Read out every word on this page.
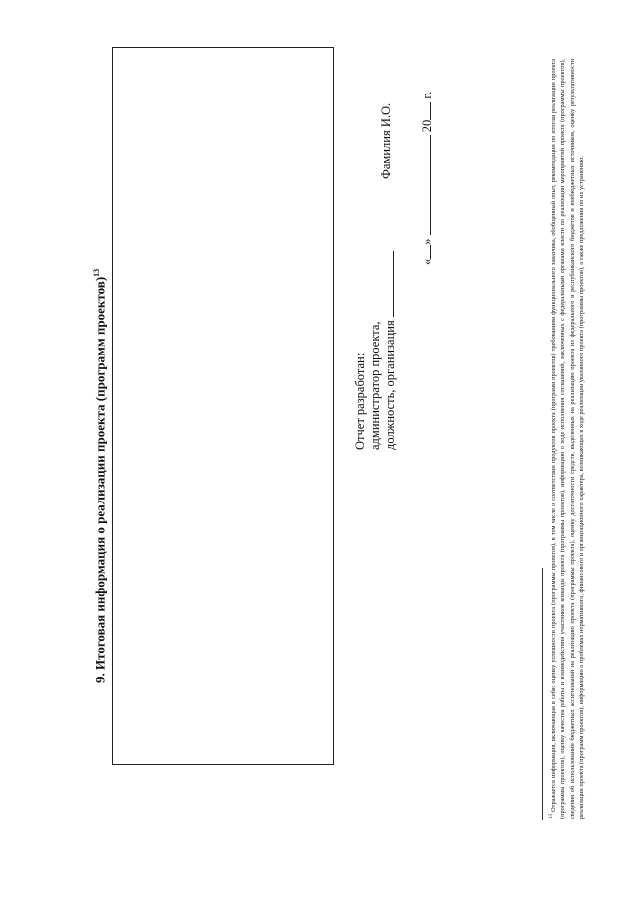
9. Итоговая информация о реализации проекта (программ проектов)$^{13}$
Отчет разработан: администратор проекта, должность, организация
Фамилия И.О.
«»  20 г.
$^{13}$ Отражается информация, включающая в себя: оценку успешности проекта (программы проектов), в том числе о соответствии продуктов проекта (программ проектов) требованиям функционального заказчика, обобщенный опыт, рекомендации по итогам реализации проекта (программы проектов), оценку качества работы и взаимодействия участников команды проекта (программы проектов), информацию о ходе исполнения соглашений, заключенных с федеральными органами власти по реализации мероприятий проекта (программы проектов), сведения об использовании бюджетных ассигнований на реализацию проекта (программы проекта), оценку достаточности средств, выделенных на реализацию проекта из федерального и республиканского бюджетов и внебюджетных источников, оценку результативности реализации проекта (программ проектов), информацию о проблемах нормативного, финансового и организационного характера, возникающих в ходе реализации указанного проекта (программы проектов), а также предложения по их устранению.
